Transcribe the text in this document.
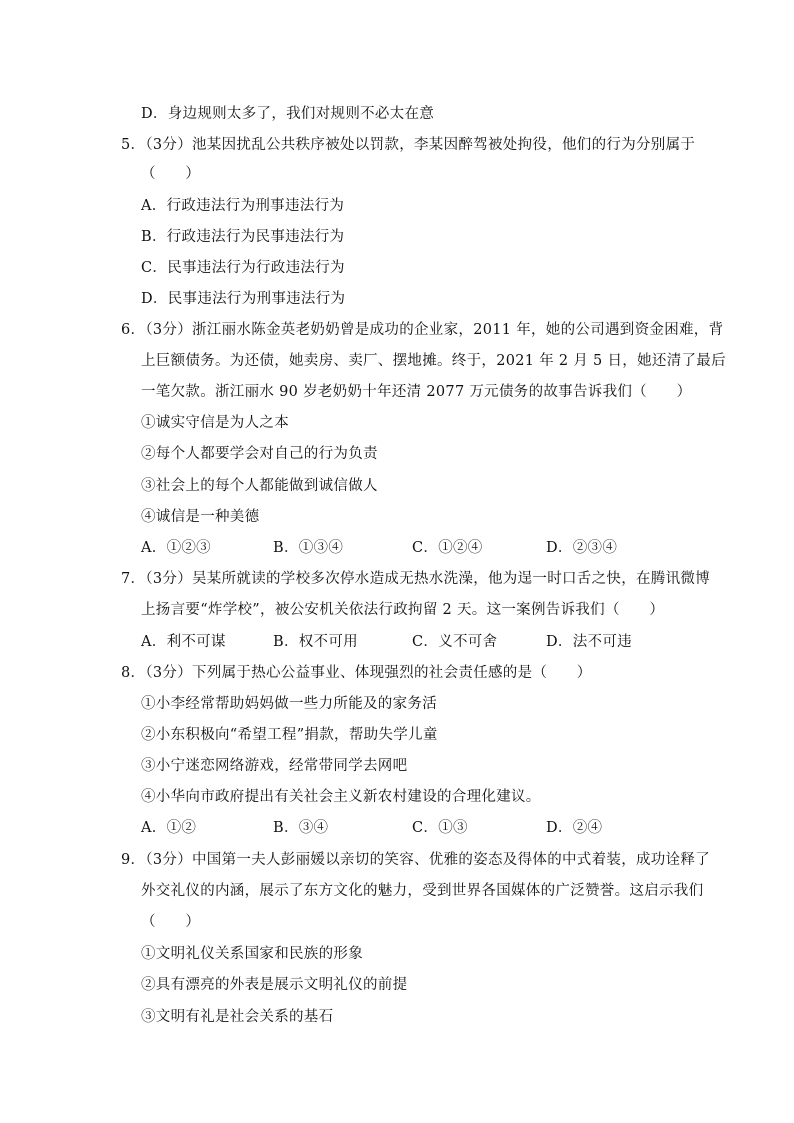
D．身边规则太多了，我们对规则不必太在意
5．（3分）池某因扰乱公共秩序被处以罚款，李某因醉驾被处拘役，他们的行为分别属于
（　　）
A．行政违法行为刑事违法行为
B．行政违法行为民事违法行为
C．民事违法行为行政违法行为
D．民事违法行为刑事违法行为
6．（3分）浙江丽水陈金英老奶奶曾是成功的企业家，2011 年，她的公司遇到资金困难，背
上巨额债务。为还债，她卖房、卖厂、摆地摊。终于，2021 年 2 月 5 日，她还清了最后
一笔欠款。浙江丽水 90 岁老奶奶十年还清 2077 万元债务的故事告诉我们（　　）
①诚实守信是为人之本
②每个人都要学会对自己的行为负责
③社会上的每个人都能做到诚信做人
④诚信是一种美德
A．①②③	B．①③④	C．①②④	D．②③④
7．（3分）吴某所就读的学校多次停水造成无热水洗澡，他为逞一时口舌之快，在腾讯微博
上扬言要“炸学校”，被公安机关依法行政拘留 2 天。这一案例告诉我们（　　）
A．利不可谋	B．权不可用	C．义不可舍	D．法不可违
8．（3分）下列属于热心公益事业、体现强烈的社会责任感的是（　　）
①小李经常帮助妈妈做一些力所能及的家务活
②小东积极向“希望工程”捐款，帮助失学儿童
③小宁迷恋网络游戏，经常带同学去网吧
④小华向市政府提出有关社会主义新农村建设的合理化建议。
A．①②	B．③④	C．①③	D．②④
9．（3分）中国第一夫人彭丽媛以亲切的笑容、优雅的姿态及得体的中式着装，成功诠释了
外交礼仪的内涵，展示了东方文化的魅力，受到世界各国媒体的广泛赞誉。这启示我们
（　　）
①文明礼仪关系国家和民族的形象
②具有漂亮的外表是展示文明礼仪的前提
③文明有礼是社会关系的基石
